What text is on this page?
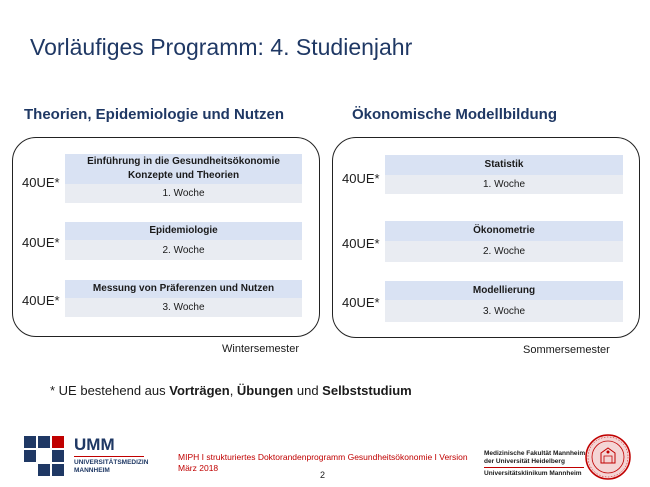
Vorläufiges Programm: 4. Studienjahr
Theorien, Epidemiologie und Nutzen
40UE*
Einführung in die Gesundheitsökonomie Konzepte und Theorien
1. Woche
40UE*
Epidemiologie
2. Woche
40UE*
Messung von Präferenzen und Nutzen
3. Woche
Wintersemester
Ökonomische Modellbildung
40UE*
Statistik
1. Woche
40UE*
Ökonometrie
2. Woche
40UE*
Modellierung
3. Woche
Sommersemester
* UE bestehend aus Vorträgen, Übungen und Selbststudium
UMM
UNIVERSITÄTSMEDIZIN
MANNHEIM
MIPH I strukturiertes Doktorandenprogramm Gesundheitsökonomie I Version März 2018
2
Medizinische Fakultät Mannheim
der Universität Heidelberg
Universitätsklinikum Mannheim
